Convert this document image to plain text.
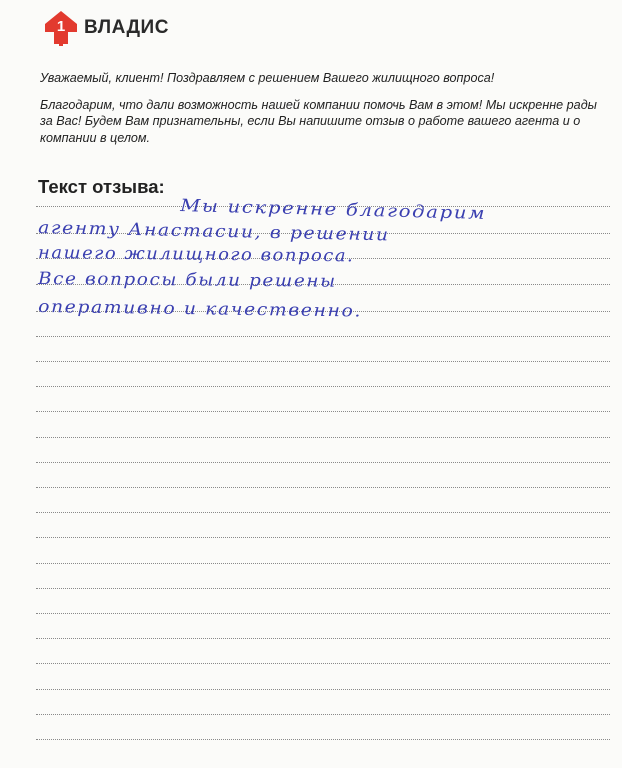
1 ВЛАДИС

Уважаемый, клиент! Поздравляем с решением Вашего жилищного вопроса!

Благодарим, что дали возможность нашей компании помочь Вам в этом! Мы искренне рады за Вас! Будем Вам признательны, если Вы напишите отзыв о работе вашего агента и о компании в целом.

Текст отзыва:
Мы искренне благодарим
агенту Анастасии, в решении
нашего жилищного вопроса.
Все вопросы были решены
оперативно и качественно.
